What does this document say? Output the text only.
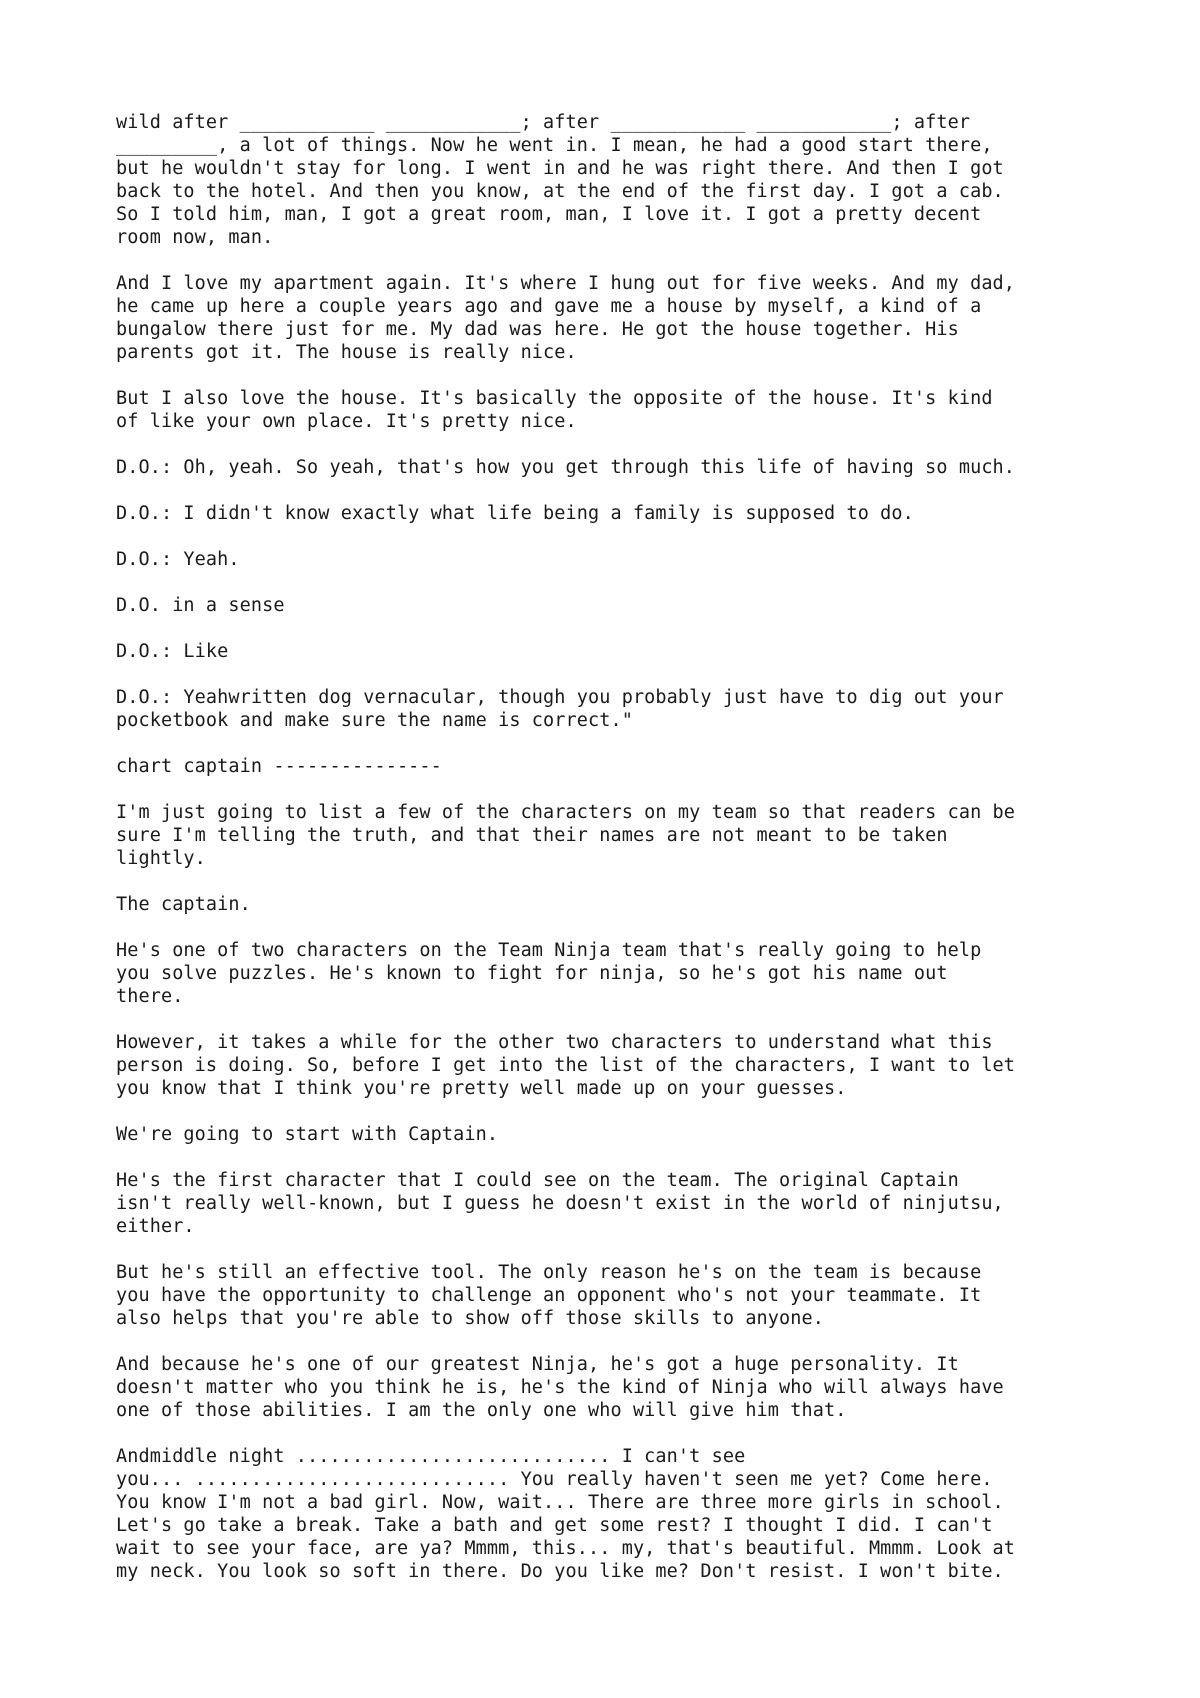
wild after ____________ ____________; after ____________ ____________; after
_________, a lot of things. Now he went in. I mean, he had a good start there,
but he wouldn't stay for long. I went in and he was right there. And then I got
back to the hotel. And then you know, at the end of the first day. I got a cab.
So I told him, man, I got a great room, man, I love it. I got a pretty decent
room now, man.

And I love my apartment again. It's where I hung out for five weeks. And my dad,
he came up here a couple years ago and gave me a house by myself, a kind of a
bungalow there just for me. My dad was here. He got the house together. His
parents got it. The house is really nice.

But I also love the house. It's basically the opposite of the house. It's kind
of like your own place. It's pretty nice.

D.O.: Oh, yeah. So yeah, that's how you get through this life of having so much.

D.O.: I didn't know exactly what life being a family is supposed to do.

D.O.: Yeah.

D.O. in a sense

D.O.: Like

D.O.: Yeahwritten dog vernacular, though you probably just have to dig out your
pocketbook and make sure the name is correct."

chart captain ---------------

I'm just going to list a few of the characters on my team so that readers can be
sure I'm telling the truth, and that their names are not meant to be taken
lightly.

The captain.

He's one of two characters on the Team Ninja team that's really going to help
you solve puzzles. He's known to fight for ninja, so he's got his name out
there.

However, it takes a while for the other two characters to understand what this
person is doing. So, before I get into the list of the characters, I want to let
you know that I think you're pretty well made up on your guesses.

We're going to start with Captain.

He's the first character that I could see on the team. The original Captain
isn't really well-known, but I guess he doesn't exist in the world of ninjutsu,
either.

But he's still an effective tool. The only reason he's on the team is because
you have the opportunity to challenge an opponent who's not your teammate. It
also helps that you're able to show off those skills to anyone.

And because he's one of our greatest Ninja, he's got a huge personality. It
doesn't matter who you think he is, he's the kind of Ninja who will always have
one of those abilities. I am the only one who will give him that.

Andmiddle night ............................ I can't see
you... ............................ You really haven't seen me yet? Come here.
You know I'm not a bad girl. Now, wait... There are three more girls in school.
Let's go take a break. Take a bath and get some rest? I thought I did. I can't
wait to see your face, are ya? Mmmm, this... my, that's beautiful. Mmmm. Look at
my neck. You look so soft in there. Do you like me? Don't resist. I won't bite.
